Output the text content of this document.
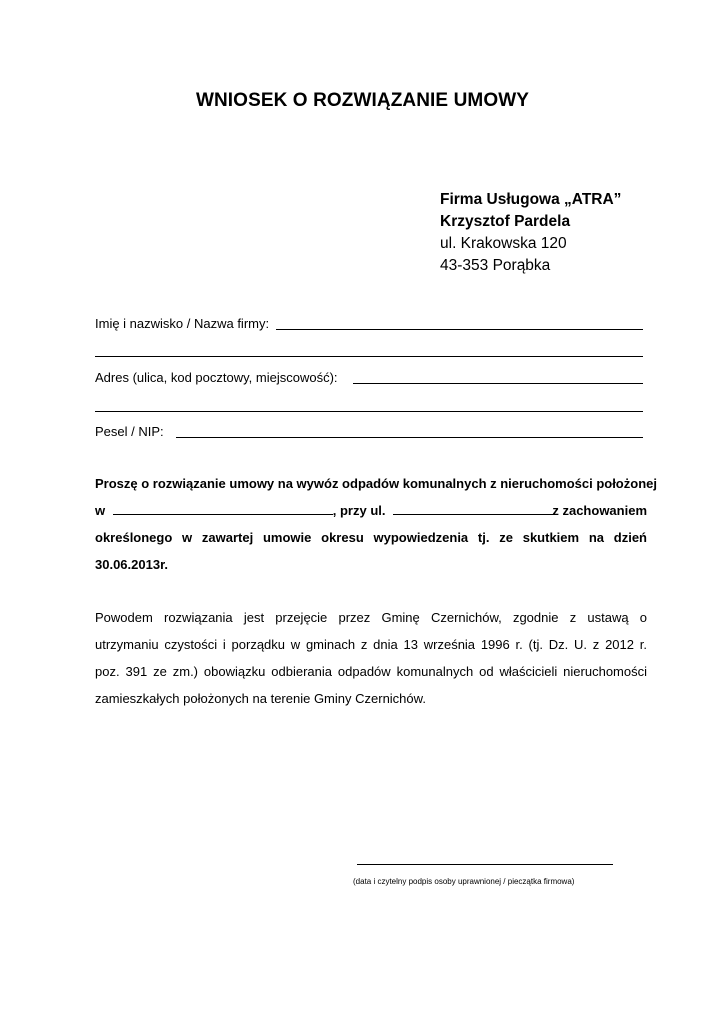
WNIOSEK O ROZWIĄZANIE UMOWY
Firma Usługowa „ATRA”
Krzysztof Pardela
ul. Krakowska 120
43-353 Porąbka
Imię i nazwisko / Nazwa firmy:
Adres (ulica, kod pocztowy, miejscowość):
Pesel / NIP:
Proszę o rozwiązanie umowy na wywóz odpadów komunalnych z nieruchomości położonej
w	, przy ul.	z zachowaniem
określonego w zawartej umowie okresu wypowiedzenia tj. ze skutkiem na dzień
30.06.2013r.
Powodem rozwiązania jest przejęcie przez Gminę Czernichów, zgodnie z ustawą o
utrzymaniu czystości i porządku w gminach z dnia 13 września 1996 r. (tj. Dz. U. z 2012 r.
poz. 391 ze zm.) obowiązku odbierania odpadów komunalnych od właścicieli nieruchomości
zamieszkałych położonych na terenie Gminy Czernichów.
(data i czytelny podpis osoby uprawnionej / pieczątka firmowa)
